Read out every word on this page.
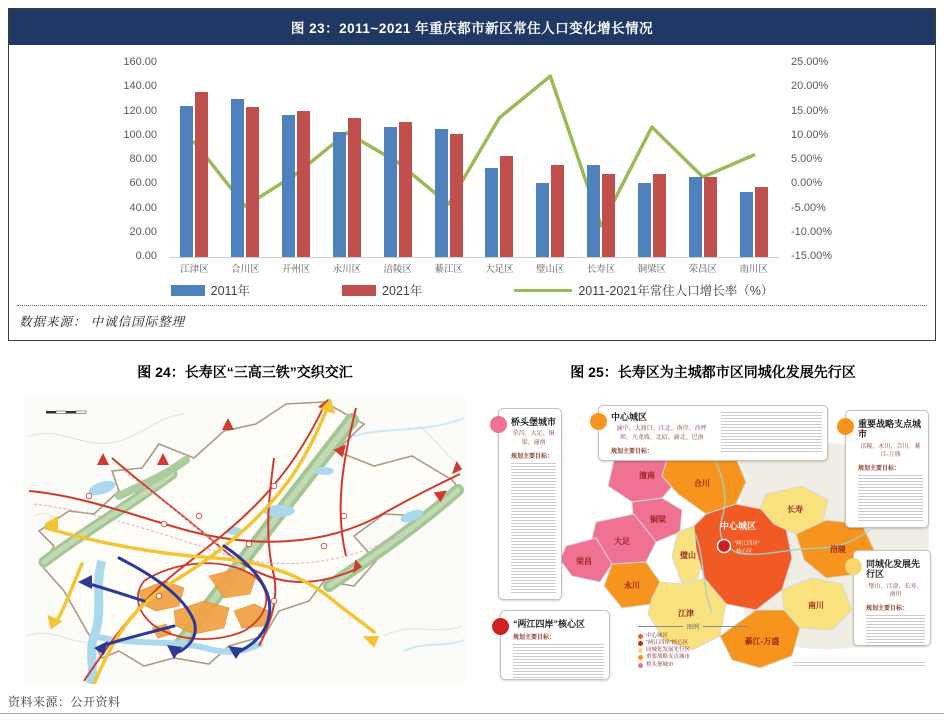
图 23：2011~2021 年重庆都市新区常住人口变化增长情况
160.00
140.00
120.00
100.00
80.00
60.00
40.00
20.00
0.00
25.00%
20.00%
15.00%
10.00%
5.00%
0.00%
-5.00%
-10.00%
-15.00%
江津区	合川区	开州区	永川区	涪陵区	綦江区	大足区	璧山区	长寿区	铜梁区	荣昌区	南川区
2011年	2021年	2011-2021年常住人口增长率（%）
数据来源： 中诚信国际整理
图 24：长寿区“三高三铁”交织交汇	图 25：长寿区为主城都市区同城化发展先行区
潼南
合川
铜梁
大足
荣昌
永川
璧山
中心城区
长寿
涪陵
江津
南川
綦江-万盛
“两江四岸”
核心区
桥头堡城市
荣昌、大足、铜梁、潼南
规划主要目标：
中心城区
渝中、大渡口、江北、南岸、沙坪坝、九龙坡、北碚、渝北、巴南
规划主要目标：
重要战略支点城市
涪陵、永川、合川、綦江-万盛
规划主要目标：
同城化发展先行区
璧山、江津、长寿、南川
规划主要目标：
“两江四岸”核心区
规划主要目标：
图例
中心城区
“两江四岸”核心区
同城化发展先行区
重要战略支点城市
桥头堡城市
资料来源：公开资料
